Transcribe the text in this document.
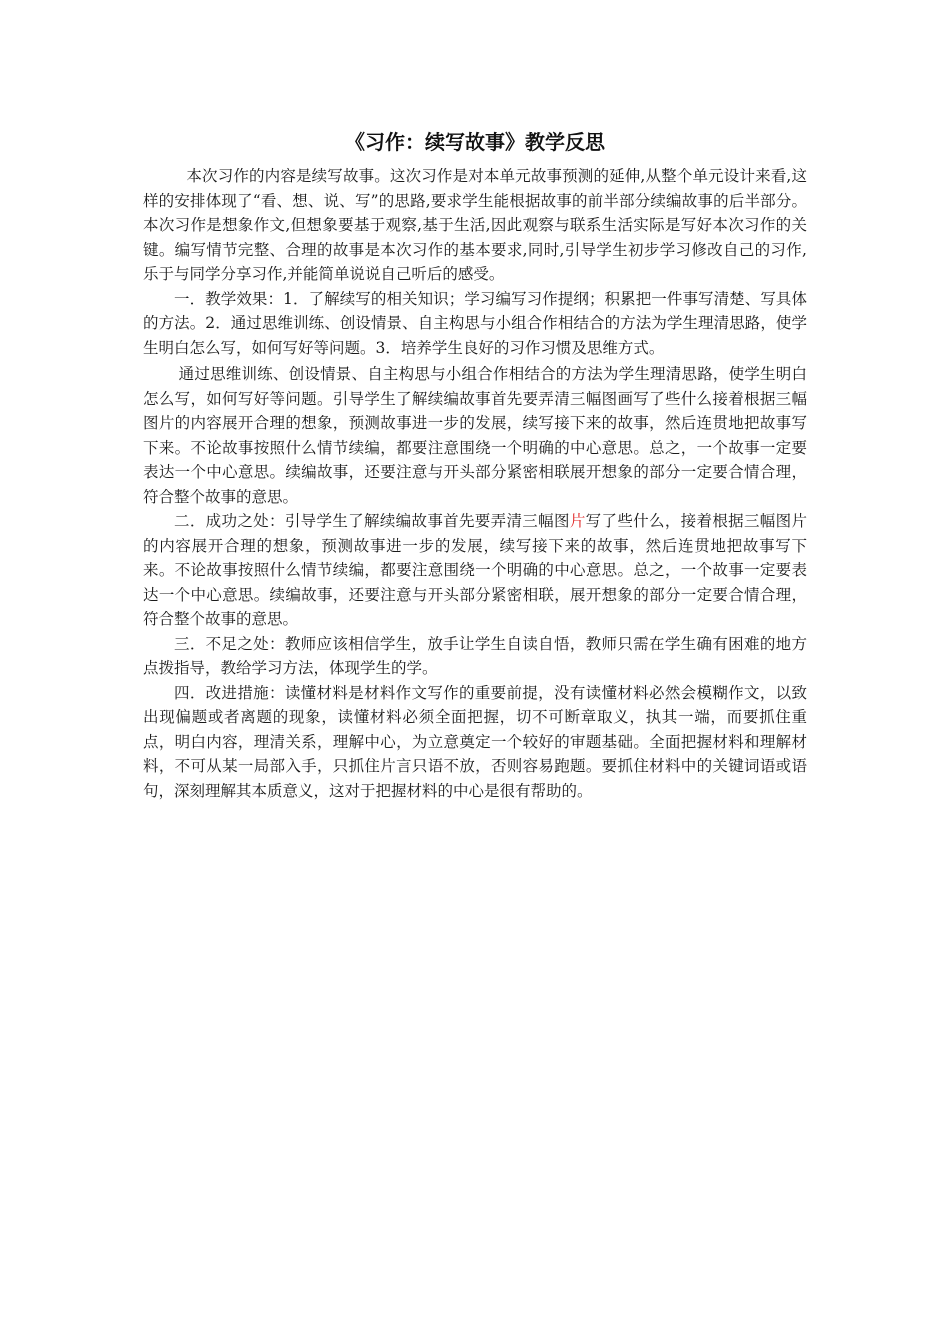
《习作：续写故事》教学反思

本次习作的内容是续写故事。这次习作是对本单元故事预测的延伸,从整个单元设计来看,这样的安排体现了“看、想、说、写”的思路,要求学生能根据故事的前半部分续编故事的后半部分。本次习作是想象作文,但想象要基于观察,基于生活,因此观察与联系生活实际是写好本次习作的关键。编写情节完整、合理的故事是本次习作的基本要求,同时,引导学生初步学习修改自己的习作,乐于与同学分享习作,并能简单说说自己听后的感受。

一．教学效果：1．了解续写的相关知识；学习编写习作提纲；积累把一件事写清楚、写具体的方法。2．通过思维训练、创设情景、自主构思与小组合作相结合的方法为学生理清思路，使学生明白怎么写，如何写好等问题。3．培养学生良好的习作习惯及思维方式。

通过思维训练、创设情景、自主构思与小组合作相结合的方法为学生理清思路，使学生明白怎么写，如何写好等问题。引导学生了解续编故事首先要弄清三幅图画写了些什么接着根据三幅图片的内容展开合理的想象，预测故事进一步的发展，续写接下来的故事，然后连贯地把故事写下来。不论故事按照什么情节续编，都要注意围绕一个明确的中心意思。总之，一个故事一定要表达一个中心意思。续编故事，还要注意与开头部分紧密相联展开想象的部分一定要合情合理，符合整个故事的意思。

二．成功之处：引导学生了解续编故事首先要弄清三幅图片写了些什么，接着根据三幅图片的内容展开合理的想象，预测故事进一步的发展，续写接下来的故事，然后连贯地把故事写下来。不论故事按照什么情节续编，都要注意围绕一个明确的中心意思。总之，一个故事一定要表达一个中心意思。续编故事，还要注意与开头部分紧密相联，展开想象的部分一定要合情合理，符合整个故事的意思。

三．不足之处：教师应该相信学生，放手让学生自读自悟，教师只需在学生确有困难的地方点拨指导，教给学习方法，体现学生的学。

四．改进措施：读懂材料是材料作文写作的重要前提，没有读懂材料必然会模糊作文，以致出现偏题或者离题的现象，读懂材料必须全面把握，切不可断章取义，执其一端，而要抓住重点，明白内容，理清关系，理解中心，为立意奠定一个较好的审题基础。全面把握材料和理解材料，不可从某一局部入手，只抓住片言只语不放，否则容易跑题。要抓住材料中的关键词语或语句，深刻理解其本质意义，这对于把握材料的中心是很有帮助的。
